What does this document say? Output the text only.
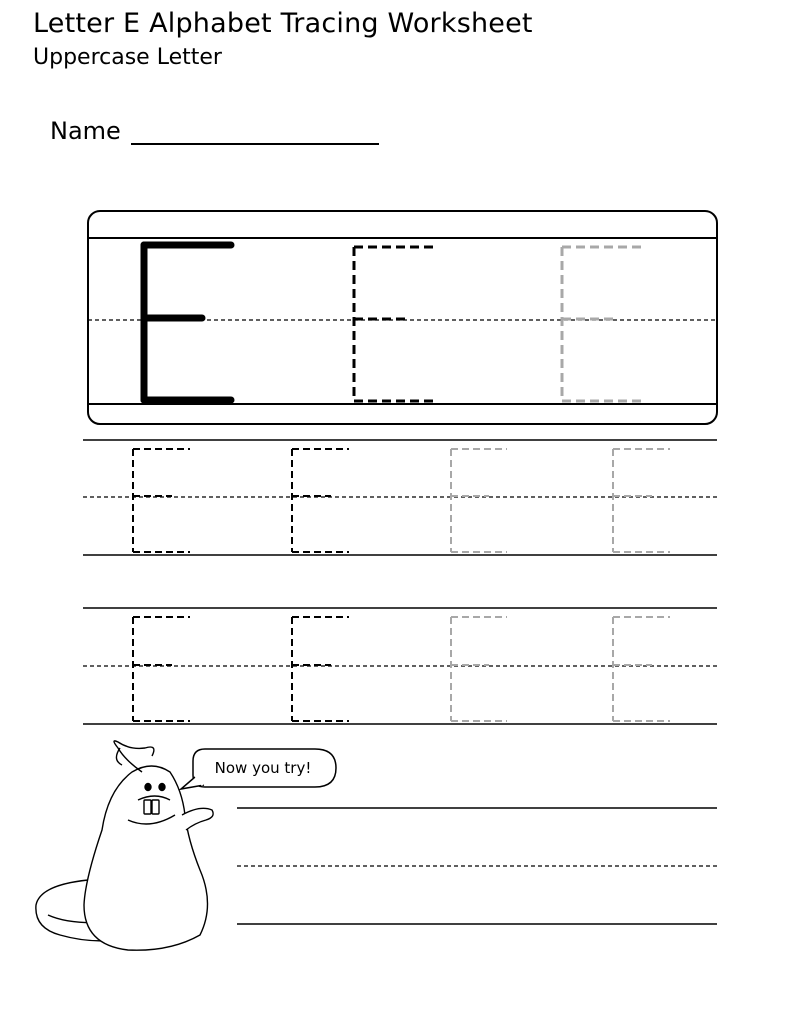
Letter E Alphabet Tracing Worksheet
Uppercase Letter
Name
Now you try!
